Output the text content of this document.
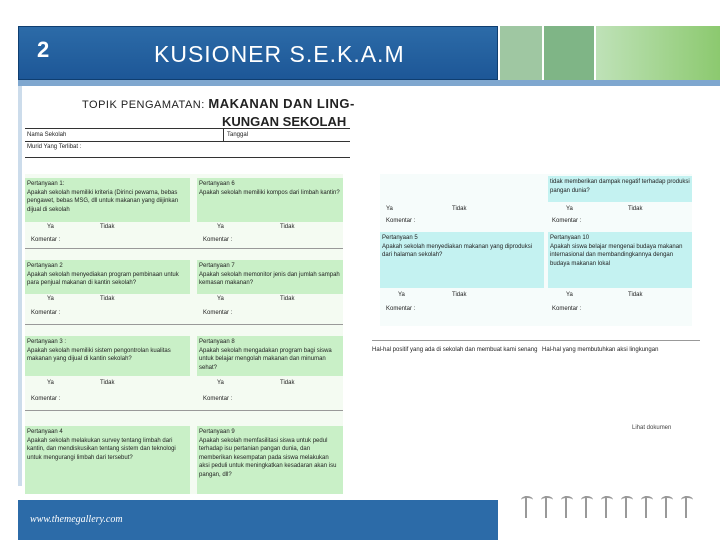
2	KUSIONER S.E.K.A.M
TOPIK PENGAMATAN: MAKANAN DAN LING-
KUNGAN SEKOLAH
Nama Sekolah	Tanggal
Murid Yang Terlibat :
Pertanyaan 1:
Apakah sekolah memiliki kriteria (Dirinci pewarna, bebas pengawet, bebas MSG, dll untuk makanan yang diijinkan dijual di sekolah
Pertanyaan 6
Apakah sekolah memiliki kompos dari limbah kantin?
Ya	Tidak	Ya	Tidak
Komentar :	Komentar :
Pertanyaan 2
Apakah sekolah menyediakan program pembinaan untuk para penjual makanan di kantin sekolah?
Pertanyaan 7
Apakah sekolah memonitor jenis dan jumlah sampah kemasan makanan?
Ya	Tidak	Ya	Tidak
Komentar :	Komentar :
Pertanyaan 3 :
Apakah sekolah memiliki sistem pengontrolan kualitas makanan yang dijual di kantin sekolah?
Pertanyaan 8
Apakah sekolah mengadakan program bagi siswa untuk belajar mengolah makanan dan minuman sehat?
Ya	Tidak	Ya	Tidak
Komentar :	Komentar :
Pertanyaan 4
Apakah sekolah melakukan survey tentang limbah dari kantin, dan mendiskusikan tentang sistem dan teknologi untuk mengurangi limbah dari tersebut?
Pertanyaan 9
Apakah sekolah memfasilitasi siswa untuk pedul terhadap isu pertanian pangan dunia, dan memberikan kesempatan pada siswa melakukan aksi peduli untuk meningkatkan kesadaran akan isu pangan, dll?
tidak memberikan dampak negatif terhadap produksi pangan dunia?
Ya	Tidak	Ya	Tidak
Komentar :	Komentar :
Pertanyaan 5
Apakah sekolah menyediakan makanan yang diproduksi dari halaman sekolah?
Pertanyaan 10
Apakah siswa belajar mengenai budaya makanan internasional dan membandingkannya dengan budaya makanan lokal
Ya	Tidak	Ya	Tidak
Komentar :	Komentar :
Hal-hal positif yang ada di sekolah dan membuat kami senang Hal-hal yang membutuhkan aksi lingkungan
Lihat dokumen
www.themegallery.com
